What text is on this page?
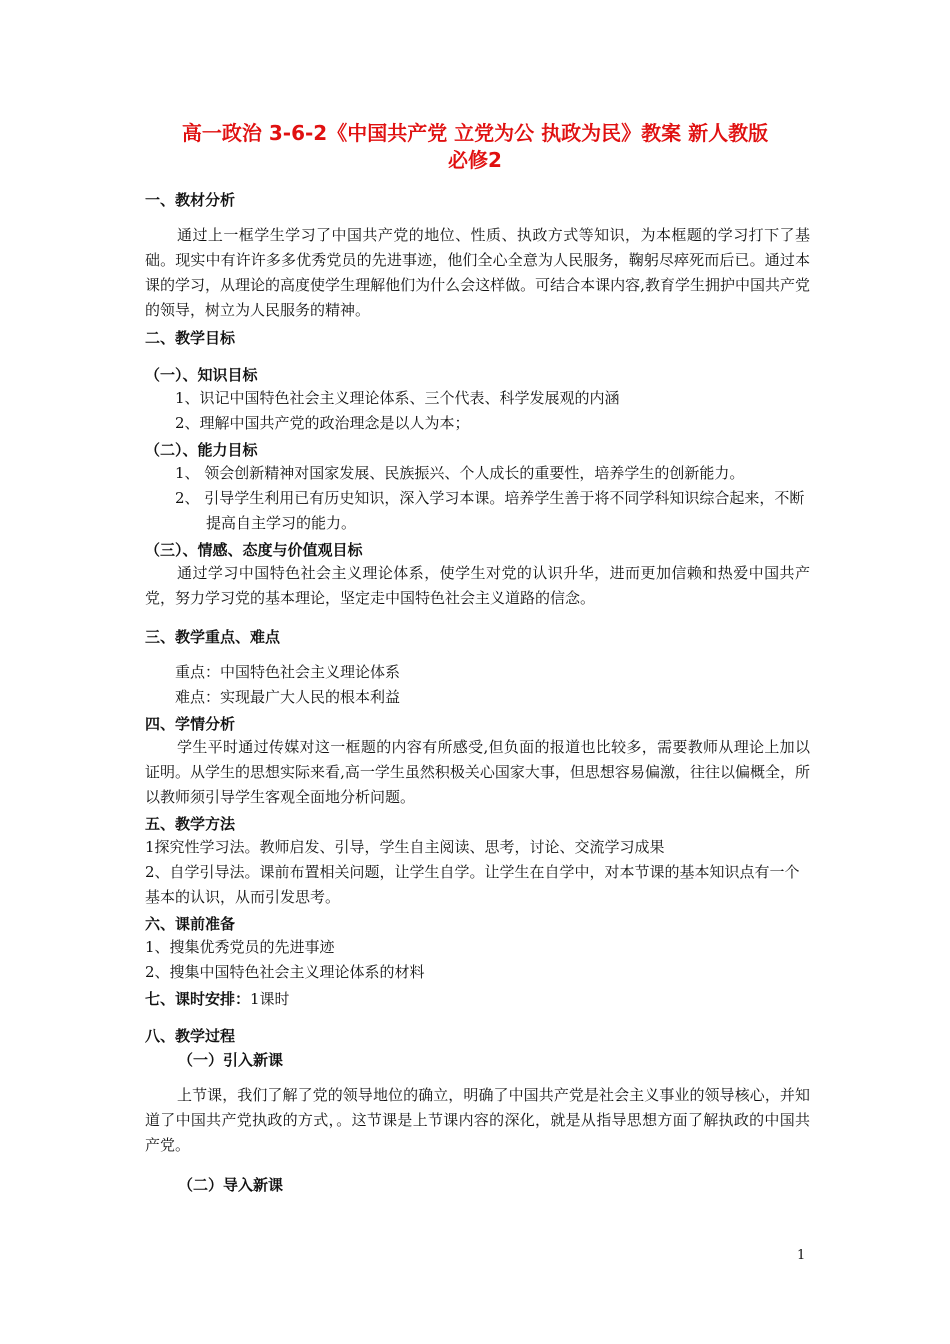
高一政治 3-6-2《中国共产党 立党为公 执政为民》教案 新人教版
必修2
一、教材分析
通过上一框学生学习了中国共产党的地位、性质、执政方式等知识，为本框题的学习打下了基础。现实中有许许多多优秀党员的先进事迹，他们全心全意为人民服务，鞠躬尽瘁死而后已。通过本课的学习，从理论的高度使学生理解他们为什么会这样做。可结合本课内容,教育学生拥护中国共产党的领导，树立为人民服务的精神。
二、教学目标
（一）、知识目标
1、识记中国特色社会主义理论体系、三个代表、科学发展观的内涵
2、理解中国共产党的政治理念是以人为本；
（二）、能力目标
1、 领会创新精神对国家发展、民族振兴、个人成长的重要性，培养学生的创新能力。
2、 引导学生利用已有历史知识，深入学习本课。培养学生善于将不同学科知识综合起来，不断提高自主学习的能力。
（三）、情感、态度与价值观目标
通过学习中国特色社会主义理论体系，使学生对党的认识升华，进而更加信赖和热爱中国共产党，努力学习党的基本理论，坚定走中国特色社会主义道路的信念。
三、教学重点、难点
重点：中国特色社会主义理论体系
难点：实现最广大人民的根本利益
四、学情分析
学生平时通过传媒对这一框题的内容有所感受,但负面的报道也比较多，需要教师从理论上加以证明。从学生的思想实际来看,高一学生虽然积极关心国家大事，但思想容易偏激，往往以偏概全，所以教师须引导学生客观全面地分析问题。
五、教学方法
1探究性学习法。教师启发、引导，学生自主阅读、思考，讨论、交流学习成果
2、自学引导法。课前布置相关问题，让学生自学。让学生在自学中，对本节课的基本知识点有一个基本的认识，从而引发思考。
六、课前准备
1、搜集优秀党员的先进事迹
2、搜集中国特色社会主义理论体系的材料
七、课时安排：1课时
八、教学过程
（一）引入新课
上节课，我们了解了党的领导地位的确立，明确了中国共产党是社会主义事业的领导核心，并知道了中国共产党执政的方式，。这节课是上节课内容的深化，就是从指导思想方面了解执政的中国共产党。
（二）导入新课
1
